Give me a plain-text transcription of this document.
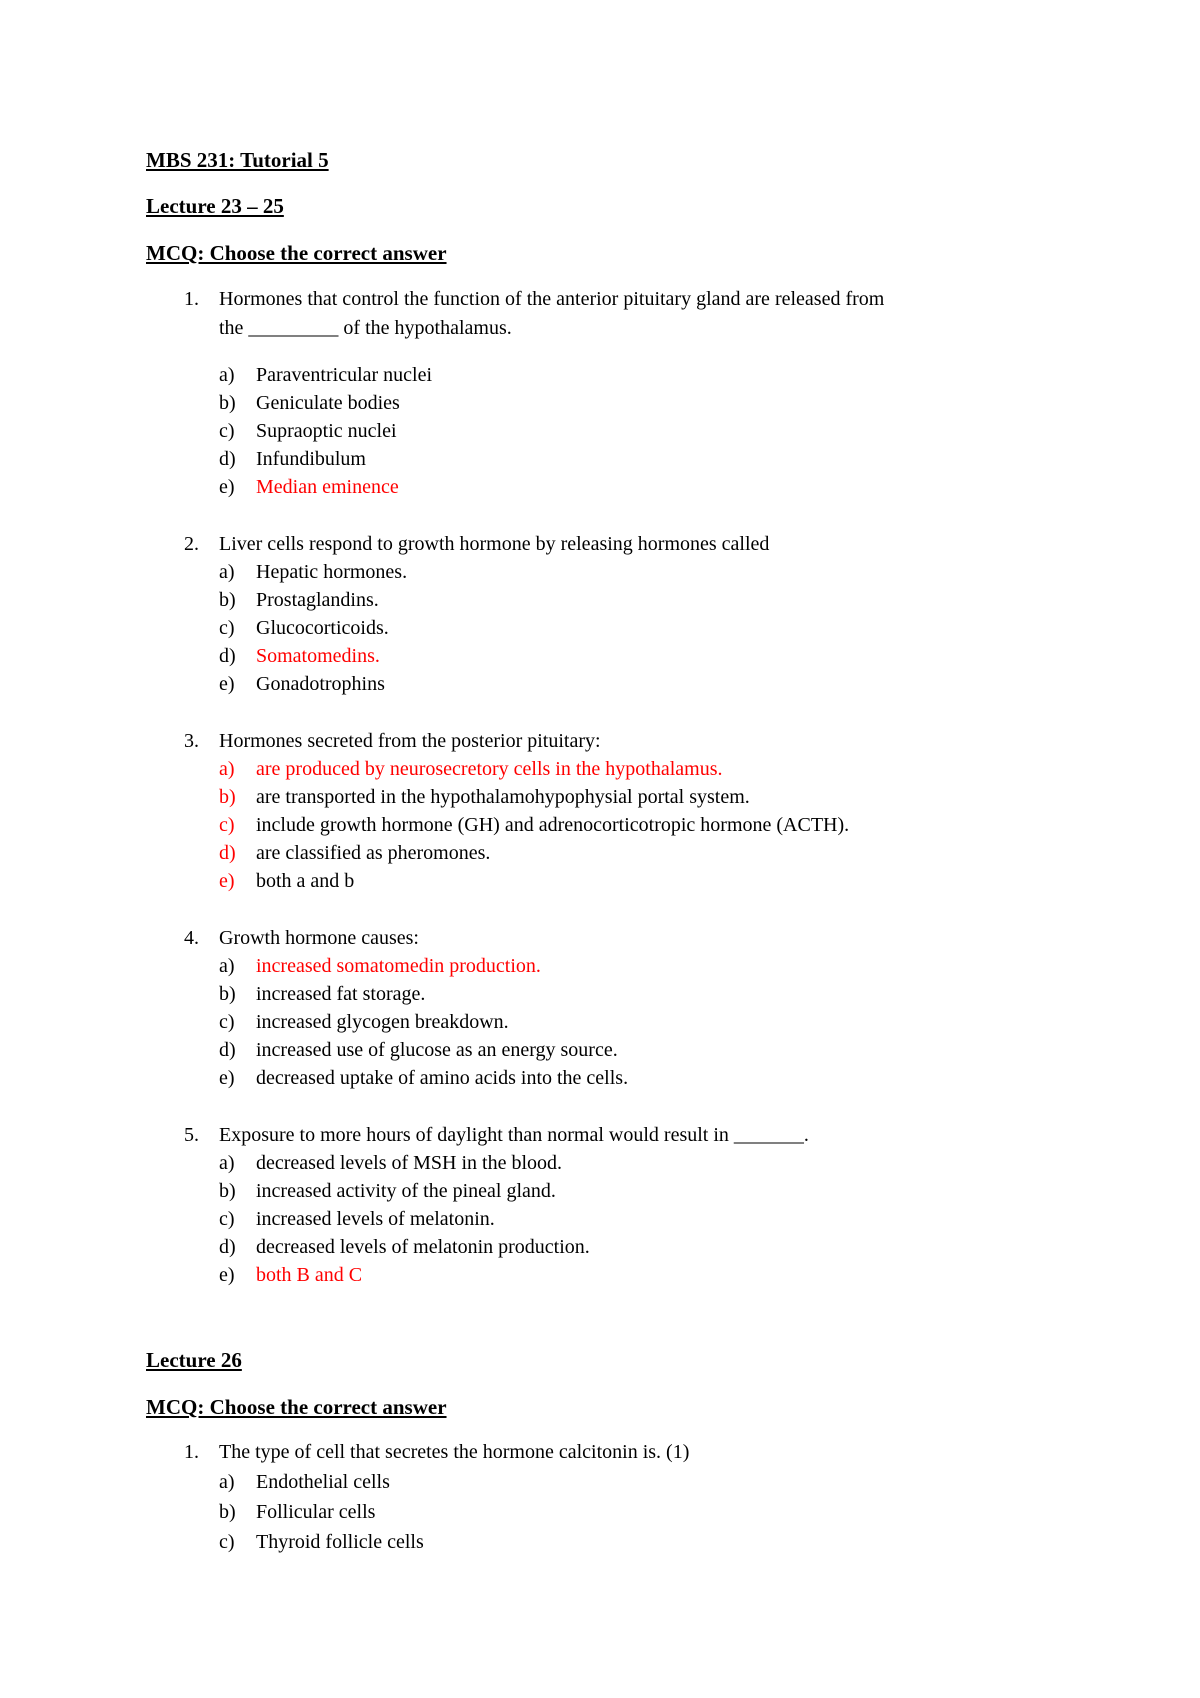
MBS 231: Tutorial 5
Lecture 23 – 25
MCQ: Choose the correct answer
1. Hormones that control the function of the anterior pituitary gland are released from
the _________ of the hypothalamus.
a) Paraventricular nuclei
b) Geniculate bodies
c) Supraoptic nuclei
d) Infundibulum
e) Median eminence
2. Liver cells respond to growth hormone by releasing hormones called
a) Hepatic hormones.
b) Prostaglandins.
c) Glucocorticoids.
d) Somatomedins.
e) Gonadotrophins
3. Hormones secreted from the posterior pituitary:
a) are produced by neurosecretory cells in the hypothalamus.
b) are transported in the hypothalamohypophysial portal system.
c) include growth hormone (GH) and adrenocorticotropic hormone (ACTH).
d) are classified as pheromones.
e) both a and b
4. Growth hormone causes:
a) increased somatomedin production.
b) increased fat storage.
c) increased glycogen breakdown.
d) increased use of glucose as an energy source.
e) decreased uptake of amino acids into the cells.
5. Exposure to more hours of daylight than normal would result in _______.
a) decreased levels of MSH in the blood.
b) increased activity of the pineal gland.
c) increased levels of melatonin.
d) decreased levels of melatonin production.
e) both B and C
Lecture 26
MCQ: Choose the correct answer
1. The type of cell that secretes the hormone calcitonin is. (1)
a) Endothelial cells
b) Follicular cells
c) Thyroid follicle cells
